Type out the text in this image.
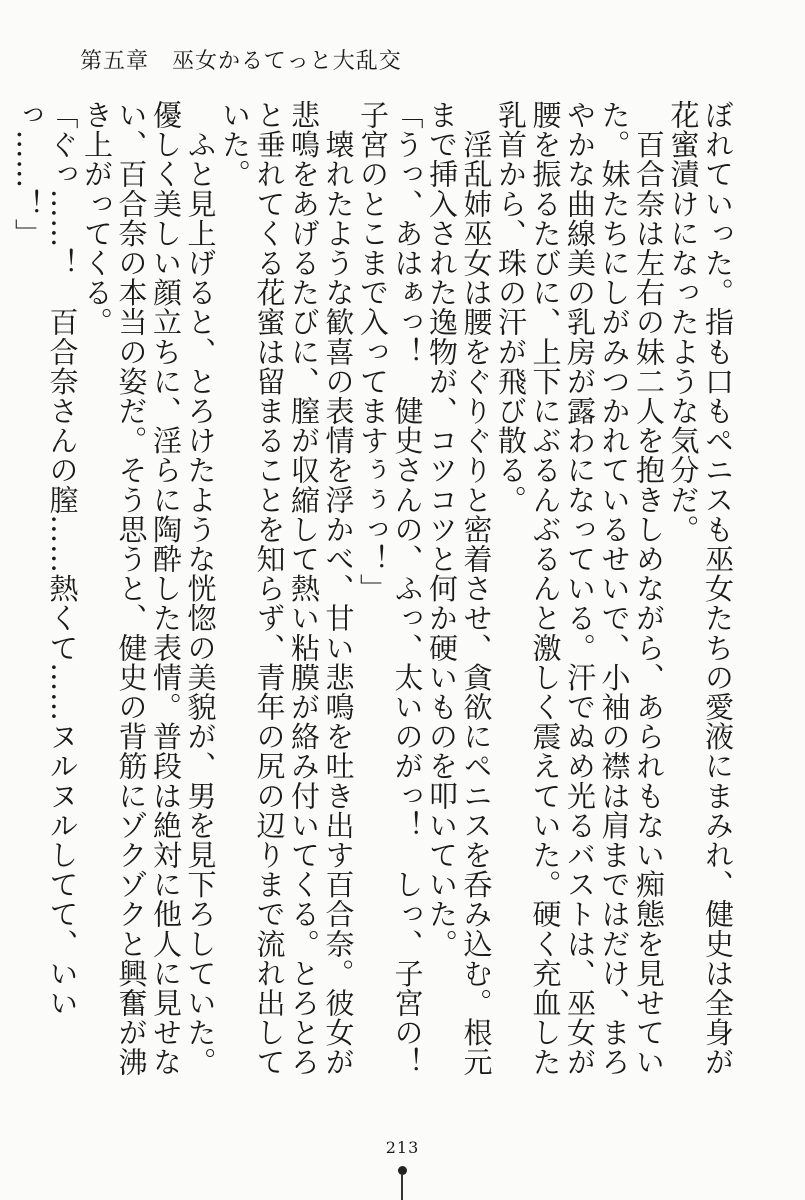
第五章　巫女かるてっと大乱交

ぼれていった。指も口もペニスも巫女たちの愛液にまみれ、健史は全身が花蜜漬けになったような気分だ。

　百合奈は左右の妹二人を抱きしめながら、あられもない痴態を見せていた。妹たちにしがみつかれているせいで、小袖の襟は肩まではだけ、まろやかな曲線美の乳房が露わになっている。汗でぬめ光るバストは、巫女が腰を振るたびに、上下にぶるんぶるんと激しく震えていた。硬く充血した乳首から、珠の汗が飛び散る。

　淫乱姉巫女は腰をぐりぐりと密着させ、貪欲にペニスを呑み込む。根元まで挿入された逸物が、コツコツと何か硬いものを叩いていた。

「うっ、あはぁっ！　健史さんの、ふっ、太いのがっ！　しっ、子宮の！　子宮のとこまで入ってますぅぅっ！」

　壊れたような歓喜の表情を浮かべ、甘い悲鳴を吐き出す百合奈。彼女が悲鳴をあげるたびに、膣が収縮して熱い粘膜が絡み付いてくる。とろとろと垂れてくる花蜜は留まることを知らず、青年の尻の辺りまで流れ出していた。

　ふと見上げると、とろけたような恍惚の美貌が、男を見下ろしていた。優しく美しい顔立ちに、淫らに陶酔した表情。普段は絶対に他人に見せない、百合奈の本当の姿だ。そう思うと、健史の背筋にゾクゾクと興奮が沸き上がってくる。

「ぐっ……！　百合奈さんの膣……熱くて……ヌルヌルしてて、いいっ……！」

213
